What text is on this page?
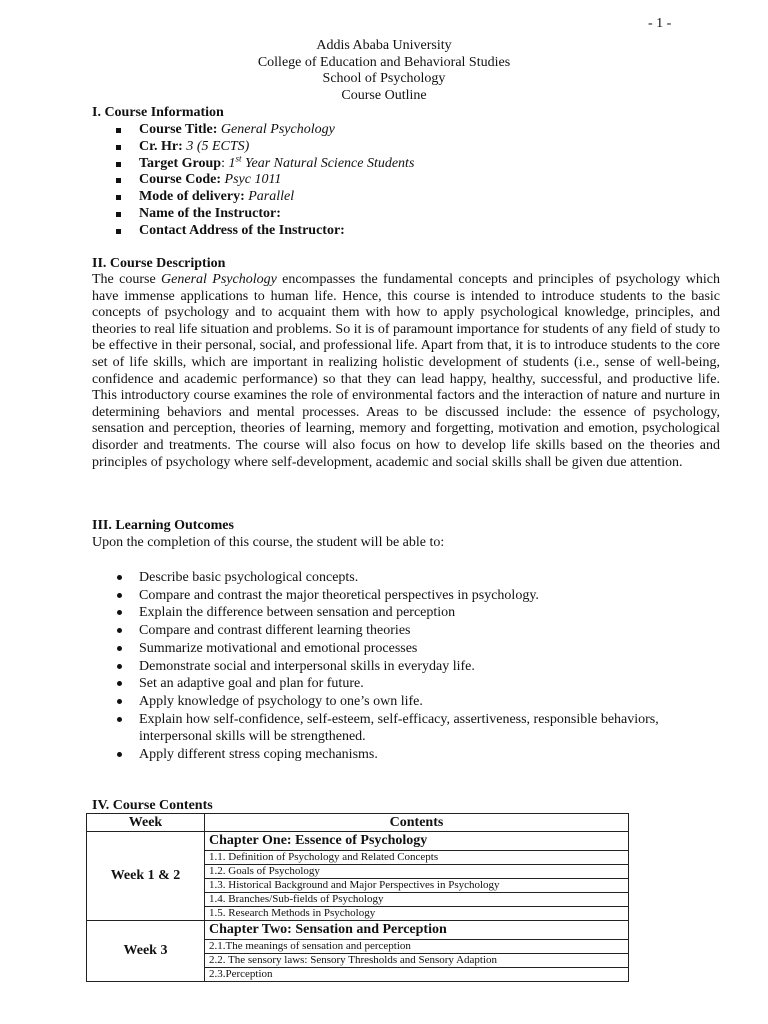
- 1 -
Addis Ababa University
College of Education and Behavioral Studies
School of Psychology
Course Outline
I. Course Information
Course Title: General Psychology
Cr. Hr: 3 (5 ECTS)
Target Group: 1st Year Natural Science Students
Course Code: Psyc 1011
Mode of delivery: Parallel
Name of the Instructor:
Contact Address of the Instructor:
II. Course Description

The course General Psychology encompasses the fundamental concepts and principles of psychology which have immense applications to human life. Hence, this course is intended to introduce students to the basic concepts of psychology and to acquaint them with how to apply psychological knowledge, principles, and theories to real life situation and problems. So it is of paramount importance for students of any field of study to be effective in their personal, social, and professional life. Apart from that, it is to introduce students to the core set of life skills, which are important in realizing holistic development of students (i.e., sense of well-being, confidence and academic performance) so that they can lead happy, healthy, successful, and productive life. This introductory course examines the role of environmental factors and the interaction of nature and nurture in determining behaviors and mental processes. Areas to be discussed include: the essence of psychology, sensation and perception, theories of learning, memory and forgetting, motivation and emotion, psychological disorder and treatments. The course will also focus on how to develop life skills based on the theories and principles of psychology where self-development, academic and social skills shall be given due attention.

III. Learning Outcomes
Upon the completion of this course, the student will be able to:
Describe basic psychological concepts.
Compare and contrast the major theoretical perspectives in psychology.
Explain the difference between sensation and perception
Compare and contrast different learning theories
Summarize motivational and emotional processes
Demonstrate social and interpersonal skills in everyday life.
Set an adaptive goal and plan for future.
Apply knowledge of psychology to one’s own life.
Explain how self-confidence, self-esteem, self-efficacy, assertiveness, responsible behaviors, interpersonal skills will be strengthened.
Apply different stress coping mechanisms.
IV. Course Contents
Week	Contents
Week 1 & 2	Chapter One: Essence of Psychology
	1.1. Definition of Psychology and Related Concepts
	1.2. Goals of Psychology
	1.3. Historical Background and Major Perspectives in Psychology
	1.4. Branches/Sub-fields of Psychology
	1.5. Research Methods in Psychology
Week 3	Chapter Two: Sensation and Perception
	2.1.The meanings of sensation and perception
	2.2. The sensory laws: Sensory Thresholds and Sensory Adaption
	2.3.Perception
